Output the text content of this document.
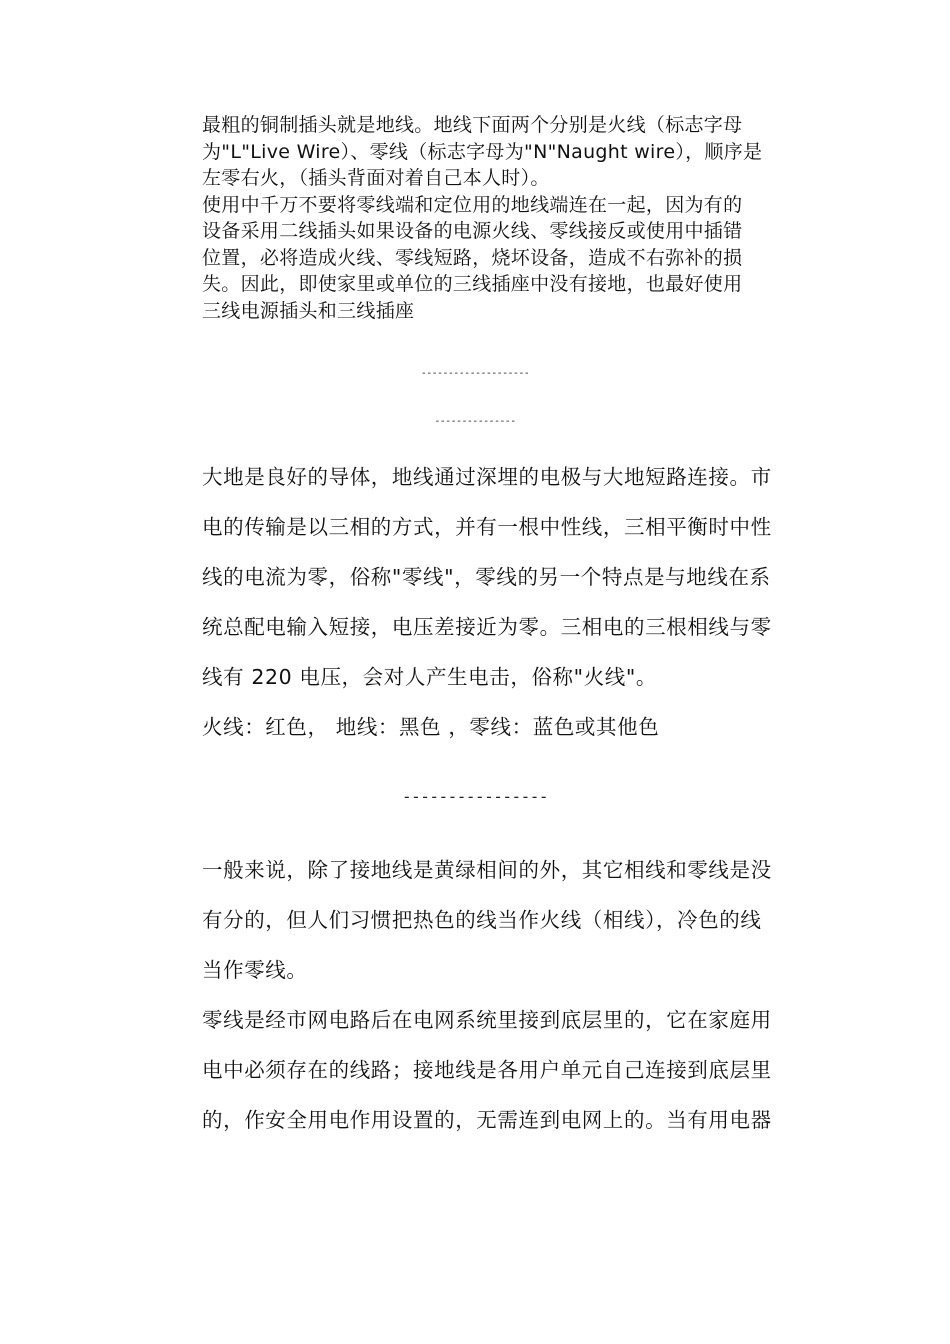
最粗的铜制插头就是地线。地线下面两个分别是火线（标志字母
为"L"Live Wire）、零线（标志字母为"N"Naught wire），顺序是
左零右火，（插头背面对着自己本人时）。
使用中千万不要将零线端和定位用的地线端连在一起，因为有的
设备采用二线插头如果设备的电源火线、零线接反或使用中插错
位置，必将造成火线、零线短路，烧坏设备，造成不右弥补的损
失。因此，即使家里或单位的三线插座中没有接地，也最好使用
三线电源插头和三线插座
--------------------
---------------
大地是良好的导体，地线通过深埋的电极与大地短路连接。市
电的传输是以三相的方式，并有一根中性线，三相平衡时中性
线的电流为零，俗称"零线"，零线的另一个特点是与地线在系
统总配电输入短接，电压差接近为零。三相电的三根相线与零
线有 220 电压，会对人产生电击，俗称"火线"。
火线：红色， 地线：黑色 ，零线：蓝色或其他色
----------------
一般来说，除了接地线是黄绿相间的外，其它相线和零线是没
有分的，但人们习惯把热色的线当作火线（相线），冷色的线
当作零线。
零线是经市网电路后在电网系统里接到底层里的，它在家庭用
电中必须存在的线路；接地线是各用户单元自己连接到底层里
的，作安全用电作用设置的，无需连到电网上的。当有用电器
